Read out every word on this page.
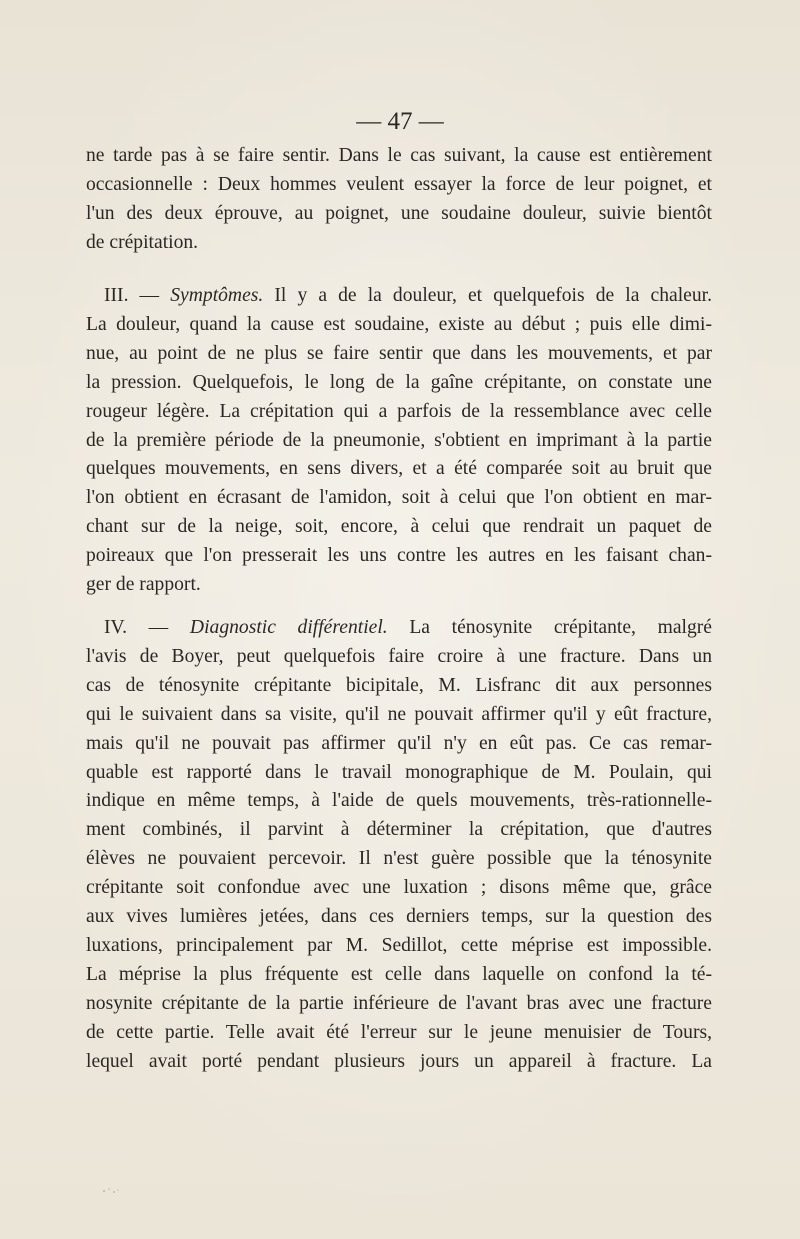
— 47 —
ne tarde pas à se faire sentir. Dans le cas suivant, la cause est entièrement
occasionnelle : Deux hommes veulent essayer la force de leur poignet, et
l'un des deux éprouve, au poignet, une soudaine douleur, suivie bientôt
de crépitation.
III. — Symptômes. Il y a de la douleur, et quelquefois de la chaleur.
La douleur, quand la cause est soudaine, existe au début ; puis elle dimi-
nue, au point de ne plus se faire sentir que dans les mouvements, et par
la pression. Quelquefois, le long de la gaîne crépitante, on constate une
rougeur légère. La crépitation qui a parfois de la ressemblance avec celle
de la première période de la pneumonie, s'obtient en imprimant à la partie
quelques mouvements, en sens divers, et a été comparée soit au bruit que
l'on obtient en écrasant de l'amidon, soit à celui que l'on obtient en mar-
chant sur de la neige, soit, encore, à celui que rendrait un paquet de
poireaux que l'on presserait les uns contre les autres en les faisant chan-
ger de rapport.
IV. — Diagnostic différentiel. La ténosynite crépitante, malgré
l'avis de Boyer, peut quelquefois faire croire à une fracture. Dans un
cas de ténosynite crépitante bicipitale, M. Lisfranc dit aux personnes
qui le suivaient dans sa visite, qu'il ne pouvait affirmer qu'il y eût fracture,
mais qu'il ne pouvait pas affirmer qu'il n'y en eût pas. Ce cas remar-
quable est rapporté dans le travail monographique de M. Poulain, qui
indique en même temps, à l'aide de quels mouvements, très-rationnelle-
ment combinés, il parvint à déterminer la crépitation, que d'autres
élèves ne pouvaient percevoir. Il n'est guère possible que la ténosynite
crépitante soit confondue avec une luxation ; disons même que, grâce
aux vives lumières jetées, dans ces derniers temps, sur la question des
luxations, principalement par M. Sedillot, cette méprise est impossible.
La méprise la plus fréquente est celle dans laquelle on confond la té-
nosynite crépitante de la partie inférieure de l'avant bras avec une fracture
de cette partie. Telle avait été l'erreur sur le jeune menuisier de Tours,
lequel avait porté pendant plusieurs jours un appareil à fracture. La
